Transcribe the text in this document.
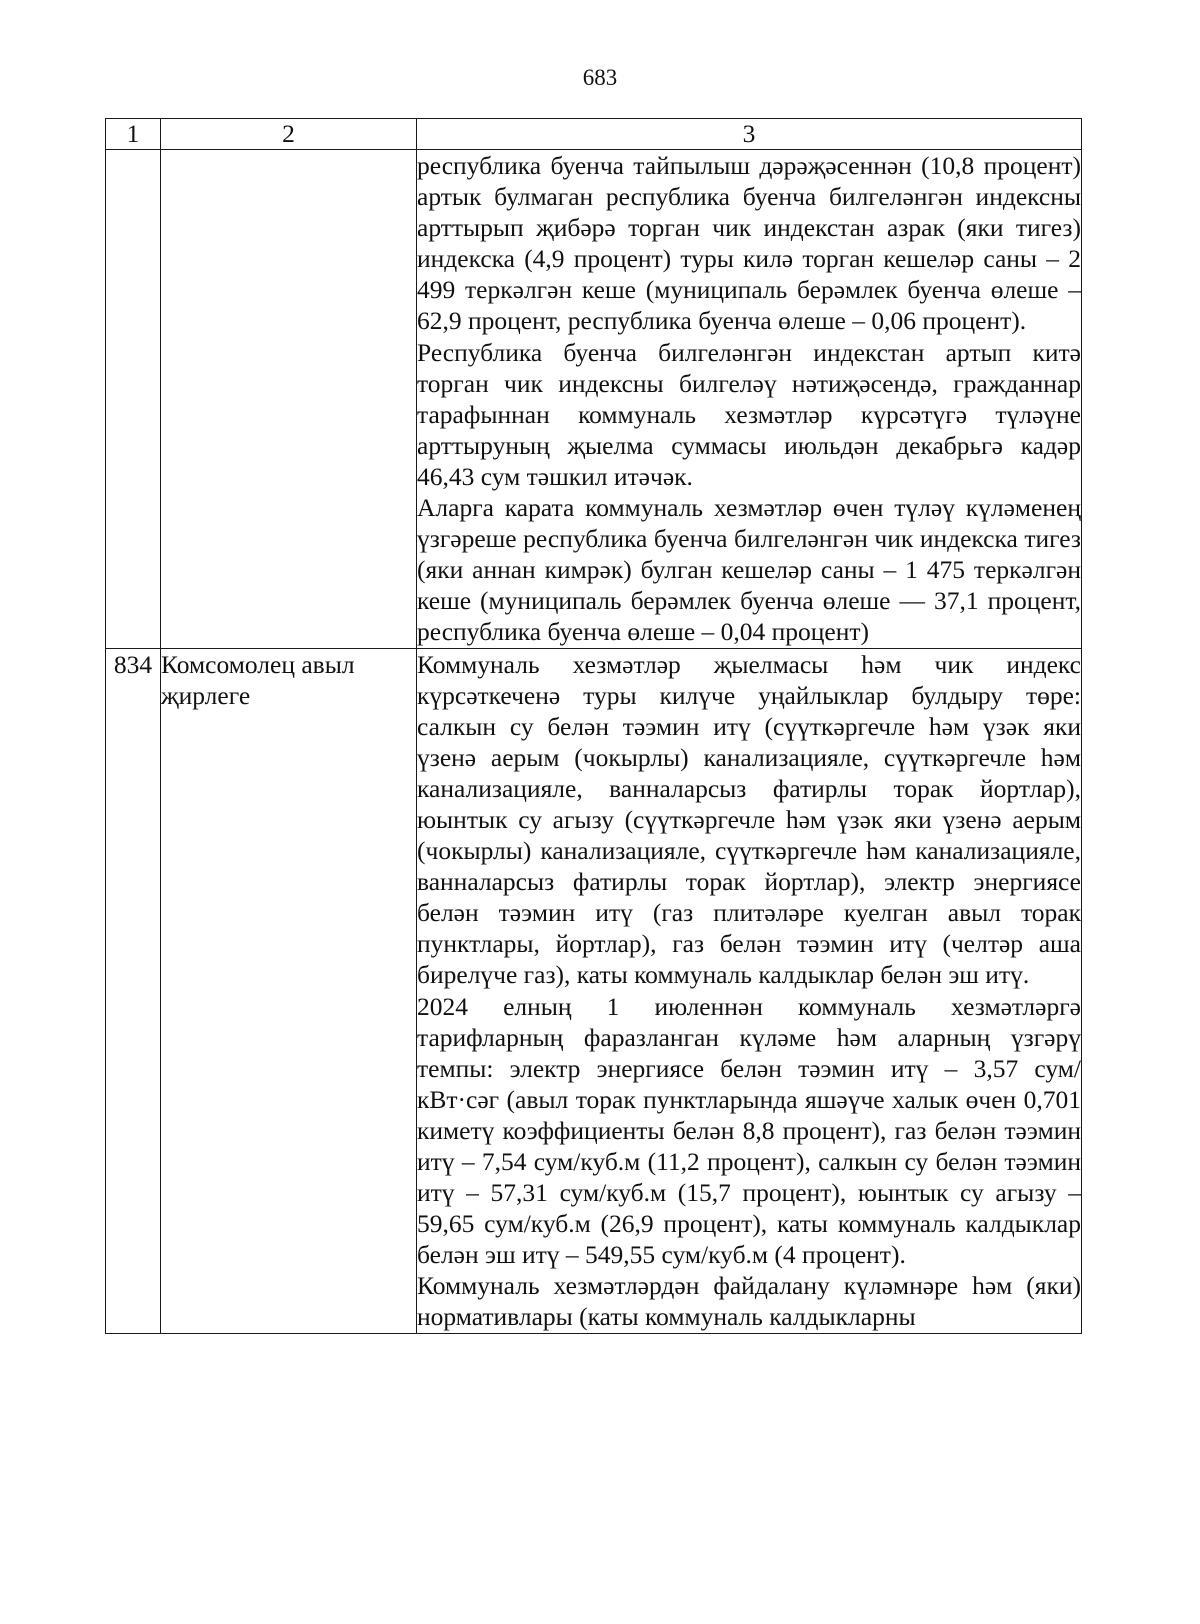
683
1	2	3

		республика буенча тайпылыш дәрәҗәсеннән (10,8 процент) артык булмаган республика буенча билгеләнгән индексны арттырып җибәрә торган чик индекстан азрак (яки тигез) индекска (4,9 процент) туры килә торган кешеләр саны – 2 499 теркәлгән кеше (муниципаль берәмлек буенча өлеше – 62,9 процент, республика буенча өлеше – 0,06 процент).

Республика буенча билгеләнгән индекстан артып китә торган чик индексны билгеләү нәтиҗәсендә, гражданнар тарафыннан коммуналь хезмәтләр күрсәтүгә түләүне арттыруның җыелма суммасы июльдән декабрьгә кадәр 46,43 сум тәшкил итәчәк.

Аларга карата коммуналь хезмәтләр өчен түләү күләменең үзгәреше республика буенча билгеләнгән чик индекска тигез (яки аннан кимрәк) булган кешеләр саны – 1 475 теркәлгән кеше (муниципаль берәмлек буенча өлеше — 37,1 процент, республика буенча өлеше – 0,04 процент)

834	Комсомолец авыл җирлеге	Коммуналь хезмәтләр җыелмасы һәм чик индекс күрсәткеченә туры килүче уңайлыклар булдыру төре: салкын су белән тәэмин итү (сүүткәргечле һәм үзәк яки үзенә аерым (чокырлы) канализацияле, сүүткәргечле һәм канализацияле, ванналарсыз фатирлы торак йортлар), юынтык су агызу (сүүткәргечле һәм үзәк яки үзенә аерым (чокырлы) канализацияле, сүүткәргечле һәм канализацияле, ванналарсыз фатирлы торак йортлар), электр энергиясе белән тәэмин итү (газ плитәләре куелган авыл торак пунктлары, йортлар), газ белән тәэмин итү (челтәр аша бирелүче газ), каты коммуналь калдыклар белән эш итү.

2024 елның 1 июленнән коммуналь хезмәтләргә тарифларның фаразланган күләме һәм аларның үзгәрү темпы: электр энергиясе белән тәэмин итү – 3,57 сум/кВт·сәг (авыл торак пунктларында яшәүче халык өчен 0,701 киметү коэффициенты белән 8,8 процент), газ белән тәэмин итү – 7,54 сум/куб.м (11,2 процент), салкын су белән тәэмин итү – 57,31 сум/куб.м (15,7 процент), юынтык су агызу – 59,65 сум/куб.м (26,9 процент), каты коммуналь калдыклар белән эш итү – 549,55 сум/куб.м (4 процент).

Коммуналь хезмәтләрдән файдалану күләмнәре һәм (яки) нормативлары (каты коммуналь калдыкларны
